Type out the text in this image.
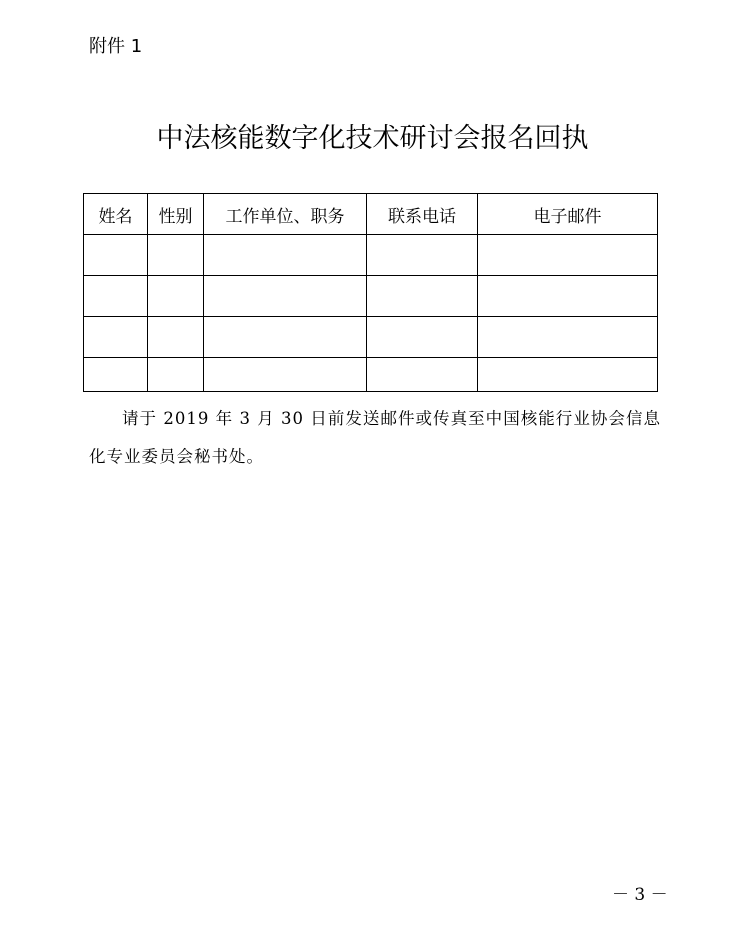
附件 1
中法核能数字化技术研讨会报名回执
姓名	性别	工作单位、职务	联系电话	电子邮件

请于 2019 年 3 月 30 日前发送邮件或传真至中国核能行业协会信息化专业委员会秘书处。
－ 3 －
